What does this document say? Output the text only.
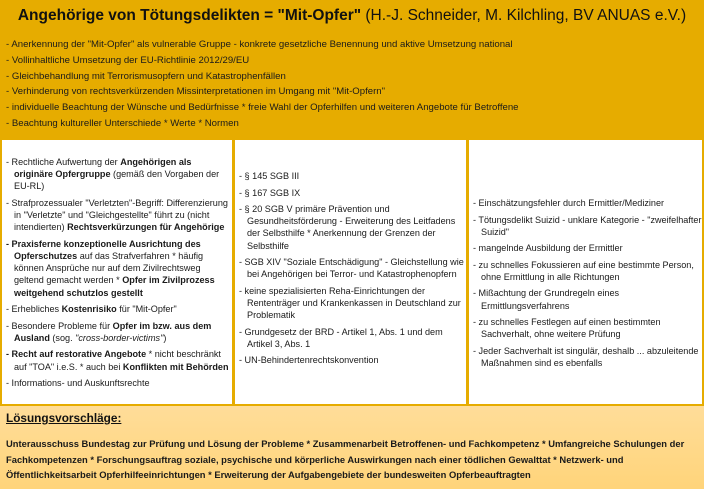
Angehörige von Tötungsdelikten = "Mit-Opfer" (H.-J. Schneider, M. Kilchling, BV ANUAS e.V.)
- Anerkennung der "Mit-Opfer" als vulnerable Gruppe - konkrete gesetzliche Benennung und aktive Umsetzung national
- Vollinhaltliche Umsetzung der EU-Richtlinie 2012/29/EU
- Gleichbehandlung mit Terrorismusopfern und Katastrophenfällen
- Verhinderung von rechtsverkürzenden Missinterpretationen im Umgang mit "Mit-Opfern"
- individuelle Beachtung der Wünsche und Bedürfnisse * freie Wahl der Opferhilfen und weiteren Angebote für Betroffene
- Beachtung kultureller Unterschiede * Werte * Normen
- Rechtliche Aufwertung der Angehörigen als originäre Opfergruppe (gemäß den Vorgaben der EU-RL)
- Strafprozessualer "Verletzten"-Begriff: Differenzierung in "Verletzte" und "Gleichgestellte" führt zu (nicht intendierten) Rechtsverkürzungen für Angehörige
- Praxisferne konzeptionelle Ausrichtung des Opferschutzes auf das Strafverfahren * häufig können Ansprüche nur auf dem Zivilrechtsweg geltend gemacht werden * Opfer im Zivilprozess weitgehend schutzlos gestellt
- Erhebliches Kostenrisiko für "Mit-Opfer"
- Besondere Probleme für Opfer im bzw. aus dem Ausland (sog. "cross-border-victims")
- Recht auf restorative Angebote * nicht beschränkt auf "TOA" i.e.S. * auch bei Konflikten mit Behörden
- Informations- und Auskunftsrechte
- § 145 SGB III
- § 167 SGB IX
- § 20 SGB V primäre Prävention und Gesundheitsförderung - Erweiterung des Leitfadens der Selbsthilfe * Anerkennung der Grenzen der Selbsthilfe
- SGB XIV "Soziale Entschädigung" - Gleichstellung wie bei Angehörigen bei Terror- und Katastrophenopfern
- keine spezialisierten Reha-Einrichtungen der Rententräger und Krankenkassen in Deutschland zur Problematik
- Grundgesetz der BRD - Artikel 1, Abs. 1 und dem Artikel 3, Abs. 1
- UN-Behindertenrechtskonvention
- Einschätzungsfehler durch Ermittler/Mediziner
- Tötungsdelikt Suizid - unklare Kategorie - "zweifelhafter Suizid"
- mangelnde Ausbildung der Ermittler
- zu schnelles Fokussieren auf eine bestimmte Person, ohne Ermittlung in alle Richtungen
- Mißachtung der Grundregeln eines Ermittlungsverfahrens
- zu schnelles Festlegen auf einen bestimmten Sachverhalt, ohne weitere Prüfung
- Jeder Sachverhalt ist singulär, deshalb ... abzuleitende Maßnahmen sind es ebenfalls
Lösungsvorschläge:
Unterausschuss Bundestag zur Prüfung und Lösung der Probleme * Zusammenarbeit Betroffenen- und Fachkompetenz * Umfangreiche Schulungen der Fachkompetenzen * Forschungsauftrag soziale, psychische und körperliche Auswirkungen nach einer tödlichen Gewalttat * Netzwerk- und Öffentlichkeitsarbeit Opferhilfeeinrichtungen * Erweiterung der Aufgabengebiete der bundesweiten Opferbeauftragten
